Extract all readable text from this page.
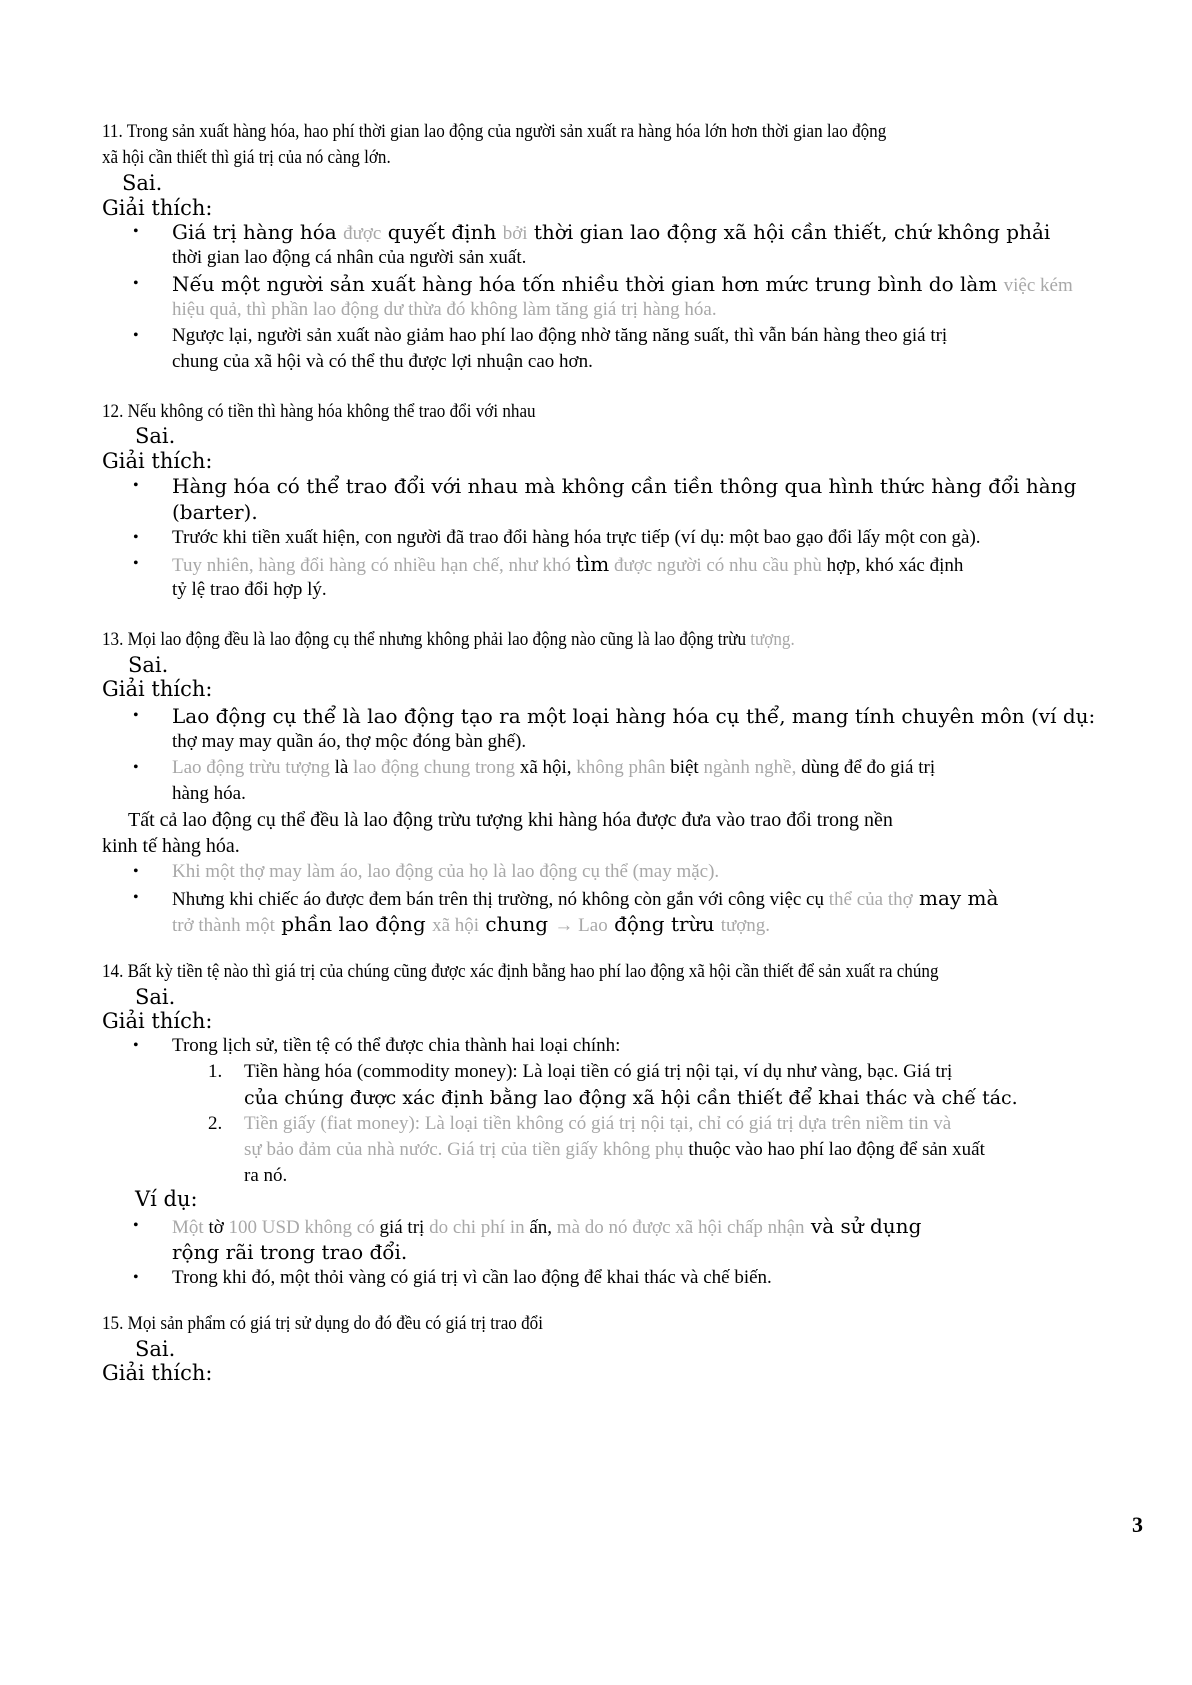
11. Trong sản xuất hàng hóa, hao phí thời gian lao động của người sản xuất ra hàng hóa lớn hơn thời gian lao động
xã hội cần thiết thì giá trị của nó càng lớn.
Sai.
Giải thích:
•	Giá trị hàng hóa được quyết định bởi thời gian lao động xã hội cần thiết, chứ không phải
thời gian lao động cá nhân của người sản xuất.
•	Nếu một người sản xuất hàng hóa tốn nhiều thời gian hơn mức trung bình do làm việc kém
hiệu quả, thì phần lao động dư thừa đó không làm tăng giá trị hàng hóa.
•	Ngược lại, người sản xuất nào giảm hao phí lao động nhờ tăng năng suất, thì vẫn bán hàng theo giá trị
chung của xã hội và có thể thu được lợi nhuận cao hơn.
12. Nếu không có tiền thì hàng hóa không thể trao đổi với nhau
Sai.
Giải thích:
•	Hàng hóa có thể trao đổi với nhau mà không cần tiền thông qua hình thức hàng đổi hàng
(barter).
•	Trước khi tiền xuất hiện, con người đã trao đổi hàng hóa trực tiếp (ví dụ: một bao gạo đổi lấy một con gà).
•	Tuy nhiên, hàng đổi hàng có nhiều hạn chế, như khó tìm được người có nhu cầu phù hợp, khó xác định
tỷ lệ trao đổi hợp lý.
13. Mọi lao động đều là lao động cụ thể nhưng không phải lao động nào cũng là lao động trừu tượng.
Sai.
Giải thích:
•	Lao động cụ thể là lao động tạo ra một loại hàng hóa cụ thể, mang tính chuyên môn (ví dụ:
thợ may may quần áo, thợ mộc đóng bàn ghế).
•	Lao động trừu tượng là lao động chung trong xã hội, không phân biệt ngành nghề, dùng để đo giá trị
hàng hóa.
Tất cả lao động cụ thể đều là lao động trừu tượng khi hàng hóa được đưa vào trao đổi trong nền
kinh tế hàng hóa.
•	Khi một thợ may làm áo, lao động của họ là lao động cụ thể (may mặc).
•	Nhưng khi chiếc áo được đem bán trên thị trường, nó không còn gắn với công việc cụ thể của thợ may mà
trở thành một phần lao động xã hội chung → Lao động trừu tượng.
14. Bất kỳ tiền tệ nào thì giá trị của chúng cũng được xác định bằng hao phí lao động xã hội cần thiết để sản xuất ra chúng
Sai.
Giải thích:
•	Trong lịch sử, tiền tệ có thể được chia thành hai loại chính:
1.	Tiền hàng hóa (commodity money): Là loại tiền có giá trị nội tại, ví dụ như vàng, bạc. Giá trị
của chúng được xác định bằng lao động xã hội cần thiết để khai thác và chế tác.
2.	Tiền giấy (fiat money): Là loại tiền không có giá trị nội tại, chỉ có giá trị dựa trên niềm tin và
sự bảo đảm của nhà nước. Giá trị của tiền giấy không phụ thuộc vào hao phí lao động để sản xuất
ra nó.
Ví dụ:
•	Một tờ 100 USD không có giá trị do chi phí in ấn, mà do nó được xã hội chấp nhận và sử dụng
rộng rãi trong trao đổi.
•	Trong khi đó, một thỏi vàng có giá trị vì cần lao động để khai thác và chế biến.
15. Mọi sản phẩm có giá trị sử dụng do đó đều có giá trị trao đổi
Sai.
Giải thích:
3
